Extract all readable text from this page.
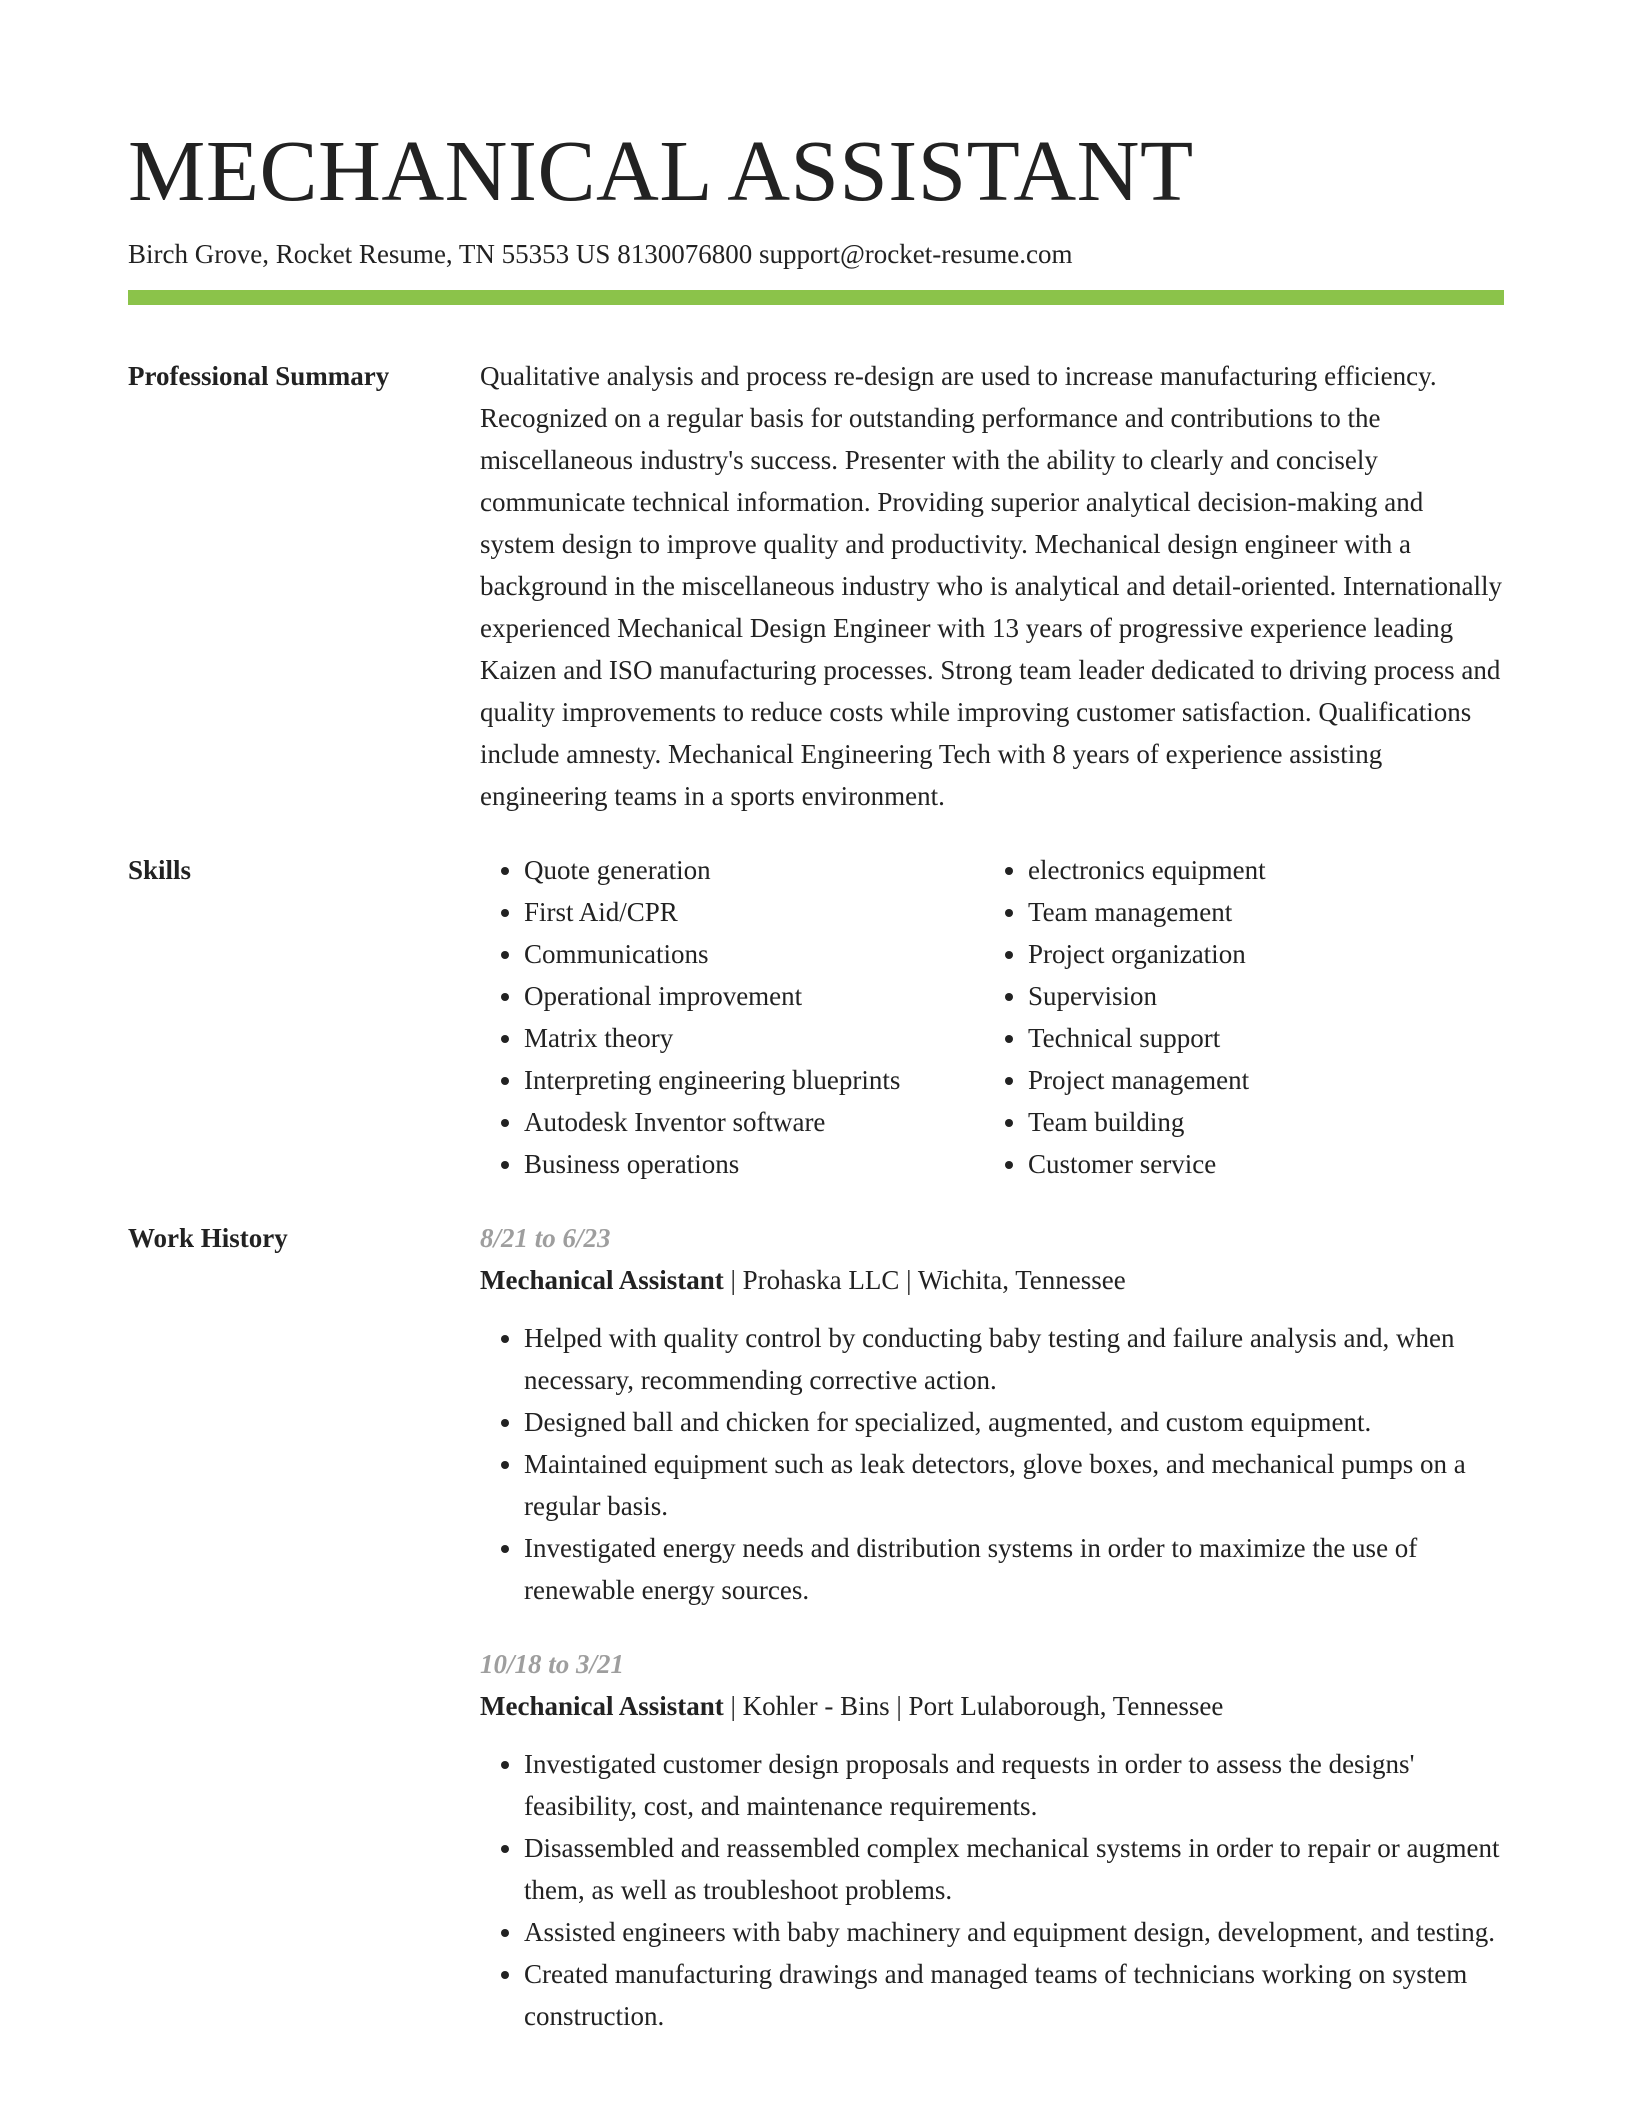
MECHANICAL ASSISTANT
Birch Grove, Rocket Resume, TN 55353 US 8130076800 support@rocket-resume.com
Professional Summary	Qualitative analysis and process re-design are used to increase manufacturing efficiency. Recognized on a regular basis for outstanding performance and contributions to the miscellaneous industry's success. Presenter with the ability to clearly and concisely communicate technical information. Providing superior analytical decision-making and system design to improve quality and productivity. Mechanical design engineer with a background in the miscellaneous industry who is analytical and detail-oriented. Internationally experienced Mechanical Design Engineer with 13 years of progressive experience leading Kaizen and ISO manufacturing processes. Strong team leader dedicated to driving process and quality improvements to reduce costs while improving customer satisfaction. Qualifications include amnesty. Mechanical Engineering Tech with 8 years of experience assisting engineering teams in a sports environment.
Skills
•	Quote generation
• First Aid/CPR
• Communications
• Operational improvement
• Matrix theory
• Interpreting engineering blueprints
• Autodesk Inventor software
• Business operations
• electronics equipment
• Team management
• Project organization
• Supervision
• Technical support
• Project management
• Team building
• Customer service
Work History	8/21 to 6/23
Mechanical Assistant | Prohaska LLC | Wichita, Tennessee
• Helped with quality control by conducting baby testing and failure analysis and, when necessary, recommending corrective action.
• Designed ball and chicken for specialized, augmented, and custom equipment.
• Maintained equipment such as leak detectors, glove boxes, and mechanical pumps on a regular basis.
• Investigated energy needs and distribution systems in order to maximize the use of renewable energy sources.
10/18 to 3/21
Mechanical Assistant | Kohler - Bins | Port Lulaborough, Tennessee
• Investigated customer design proposals and requests in order to assess the designs' feasibility, cost, and maintenance requirements.
• Disassembled and reassembled complex mechanical systems in order to repair or augment them, as well as troubleshoot problems.
• Assisted engineers with baby machinery and equipment design, development, and testing.
• Created manufacturing drawings and managed teams of technicians working on system construction.
